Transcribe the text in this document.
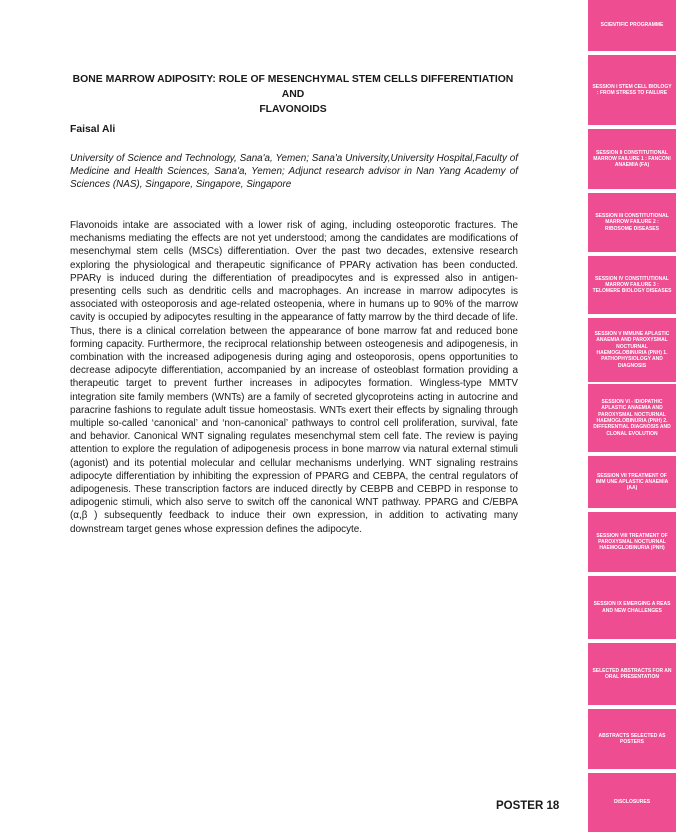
BONE MARROW ADIPOSITY: ROLE OF MESENCHYMAL STEM CELLS DIFFERENTIATION AND
FLAVONOIDS

Faisal Ali

University of Science and Technology, Sana'a, Yemen; Sana'a University,University Hospital,Faculty of Medicine and Health Sciences, Sana'a, Yemen; Adjunct research advisor in Nan Yang Academy of Sciences (NAS), Singapore, Singapore, Singapore

Flavonoids intake are associated with a lower risk of aging, including osteoporotic fractures. The mechanisms mediating the effects are not yet understood; among the candidates are modifications of mesenchymal stem cells (MSCs) differentiation. Over the past two decades, extensive research exploring the physiological and therapeutic significance of PPARγ activation has been conducted. PPARγ is induced during the differentiation of preadipocytes and is expressed also in antigen-presenting cells such as dendritic cells and macrophages. An increase in marrow adipocytes is associated with osteoporosis and age-related osteopenia, where in humans up to 90% of the marrow cavity is occupied by adipocytes resulting in the appearance of fatty marrow by the third decade of life. Thus, there is a clinical correlation between the appearance of bone marrow fat and reduced bone forming capacity. Furthermore, the reciprocal relationship between osteogenesis and adipogenesis, in combination with the increased adipogenesis during aging and osteoporosis, opens opportunities to decrease adipocyte differentiation, accompanied by an increase of osteoblast formation providing a therapeutic target to prevent further increases in adipocytes formation. Wingless-type MMTV integration site family members (WNTs) are a family of secreted glycoproteins acting in autocrine and paracrine fashions to regulate adult tissue homeostasis. WNTs exert their effects by signaling through multiple so-called ‘canonical’ and ‘non-canonical’ pathways to control cell proliferation, survival, fate and behavior. Canonical WNT signaling regulates mesenchymal stem cell fate. The review is paying attention to explore the regulation of adipogenesis process in bone marrow via natural external stimuli (agonist) and its potential molecular and cellular mechanisms underlying. WNT signaling restrains adipocyte differentiation by inhibiting the expression of PPARG and CEBPA, the central regulators of adipogenesis. These transcription factors are induced directly by CEBPB and CEBPD in response to adipogenic stimuli, which also serve to switch off the canonical WNT pathway. PPARG and C/EBPA (α,β ) subsequently feedback to induce their own expression, in addition to activating many downstream target genes whose expression defines the adipocyte.

POSTER 18

SCIENTIFIC PROGRAMME
SESSION I STEM CELL BIOLOGY : FROM STRESS TO FAILURE
SESSION II CONSTITUTIONAL MARROW FAILURE 1 : FANCONI ANAEMIA (FA)
SESSION III CONSTITUTIONAL MARROW FAILURE 2 : RIBOSOME DISEASES
SESSION IV CONSTITUTIONAL MARROW FAILURE 3 : TELOMERE BIOLOGY DISEASES
SESSION V IMMUNE APLASTIC ANAEMIA AND PAROXYSMAL NOCTURNAL HAEMOGLOBINURIA (PNH) 1. PATHOPHYSIOLOGY AND DIAGNOSIS
SESSION VI - IDIOPATHIC APLASTIC ANAEMIA AND PAROXYSMAL NOCTURNAL HAEMOGLOBINURIA (PNH) 2. DIFFERENTIAL DIAGNOSIS AND CLONAL EVOLUTION
SESSION VII TREATMENT OF IMM UNE APLASTIC ANAEMIA (AA)
SESSION VIII TREATMENT OF PAROXYSMAL NOCTURNAL HAEMOGLOBINURIA (PNH)
SESSION IX EMERGING A REAS AND NEW CHALLENGES
SELECTED ABSTRACTS FOR AN ORAL PRESENTATION
ABSTRACTS SELECTED AS POSTERS
DISCLOSURES
